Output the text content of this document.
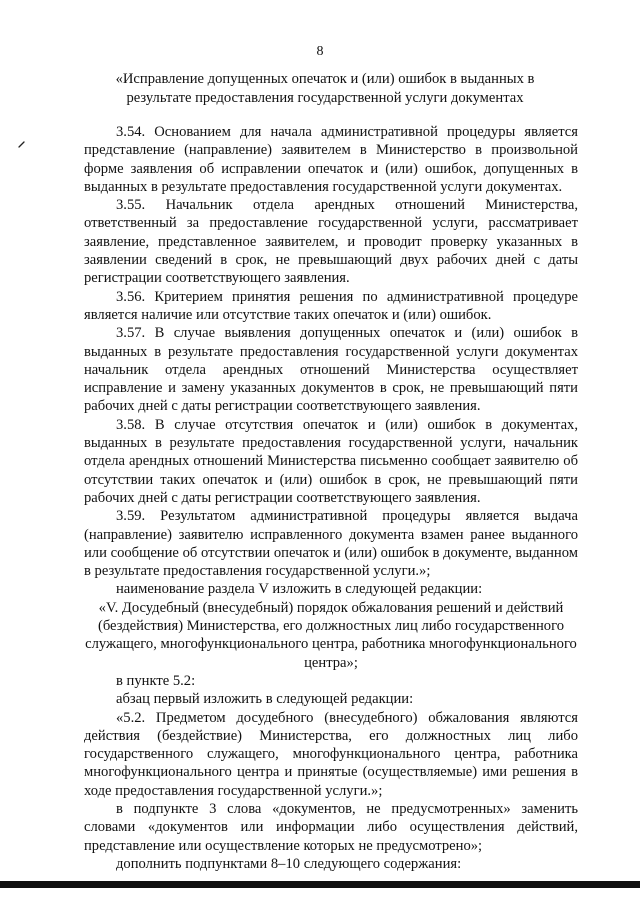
8
«Исправление допущенных опечаток и (или) ошибок в выданных в
результате предоставления государственной услуги документах

3.54. Основанием для начала административной процедуры является представление (направление) заявителем в Министерство в произвольной форме заявления об исправлении опечаток и (или) ошибок, допущенных в выданных в результате предоставления государственной услуги документах.

3.55. Начальник отдела арендных отношений Министерства, ответственный за предоставление государственной услуги, рассматривает заявление, представленное заявителем, и проводит проверку указанных в заявлении сведений в срок, не превышающий двух рабочих дней с даты регистрации соответствующего заявления.

3.56. Критерием принятия решения по административной процедуре является наличие или отсутствие таких опечаток и (или) ошибок.

3.57. В случае выявления допущенных опечаток и (или) ошибок в выданных в результате предоставления государственной услуги документах начальник отдела арендных отношений Министерства осуществляет исправление и замену указанных документов в срок, не превышающий пяти рабочих дней с даты регистрации соответствующего заявления.

3.58. В случае отсутствия опечаток и (или) ошибок в документах, выданных в результате предоставления государственной услуги, начальник отдела арендных отношений Министерства письменно сообщает заявителю об отсутствии таких опечаток и (или) ошибок в срок, не превышающий пяти рабочих дней с даты регистрации соответствующего заявления.

3.59. Результатом административной процедуры является выдача (направление) заявителю исправленного документа взамен ранее выданного или сообщение об отсутствии опечаток и (или) ошибок в документе, выданном в результате предоставления государственной услуги.»;

наименование раздела V изложить в следующей редакции:

«V. Досудебный (внесудебный) порядок обжалования решений и действий (бездействия) Министерства, его должностных лиц либо государственного служащего, многофункционального центра, работника многофункционального центра»;

в пункте 5.2:

абзац первый изложить в следующей редакции:

«5.2. Предметом досудебного (внесудебного) обжалования являются действия (бездействие) Министерства, его должностных лиц либо государственного служащего, многофункционального центра, работника многофункционального центра и принятые (осуществляемые) ими решения в ходе предоставления государственной услуги.»;

в подпункте 3 слова «документов, не предусмотренных» заменить словами «документов или информации либо осуществления действий, представление или осуществление которых не предусмотрено»;

дополнить подпунктами 8–10 следующего содержания:
